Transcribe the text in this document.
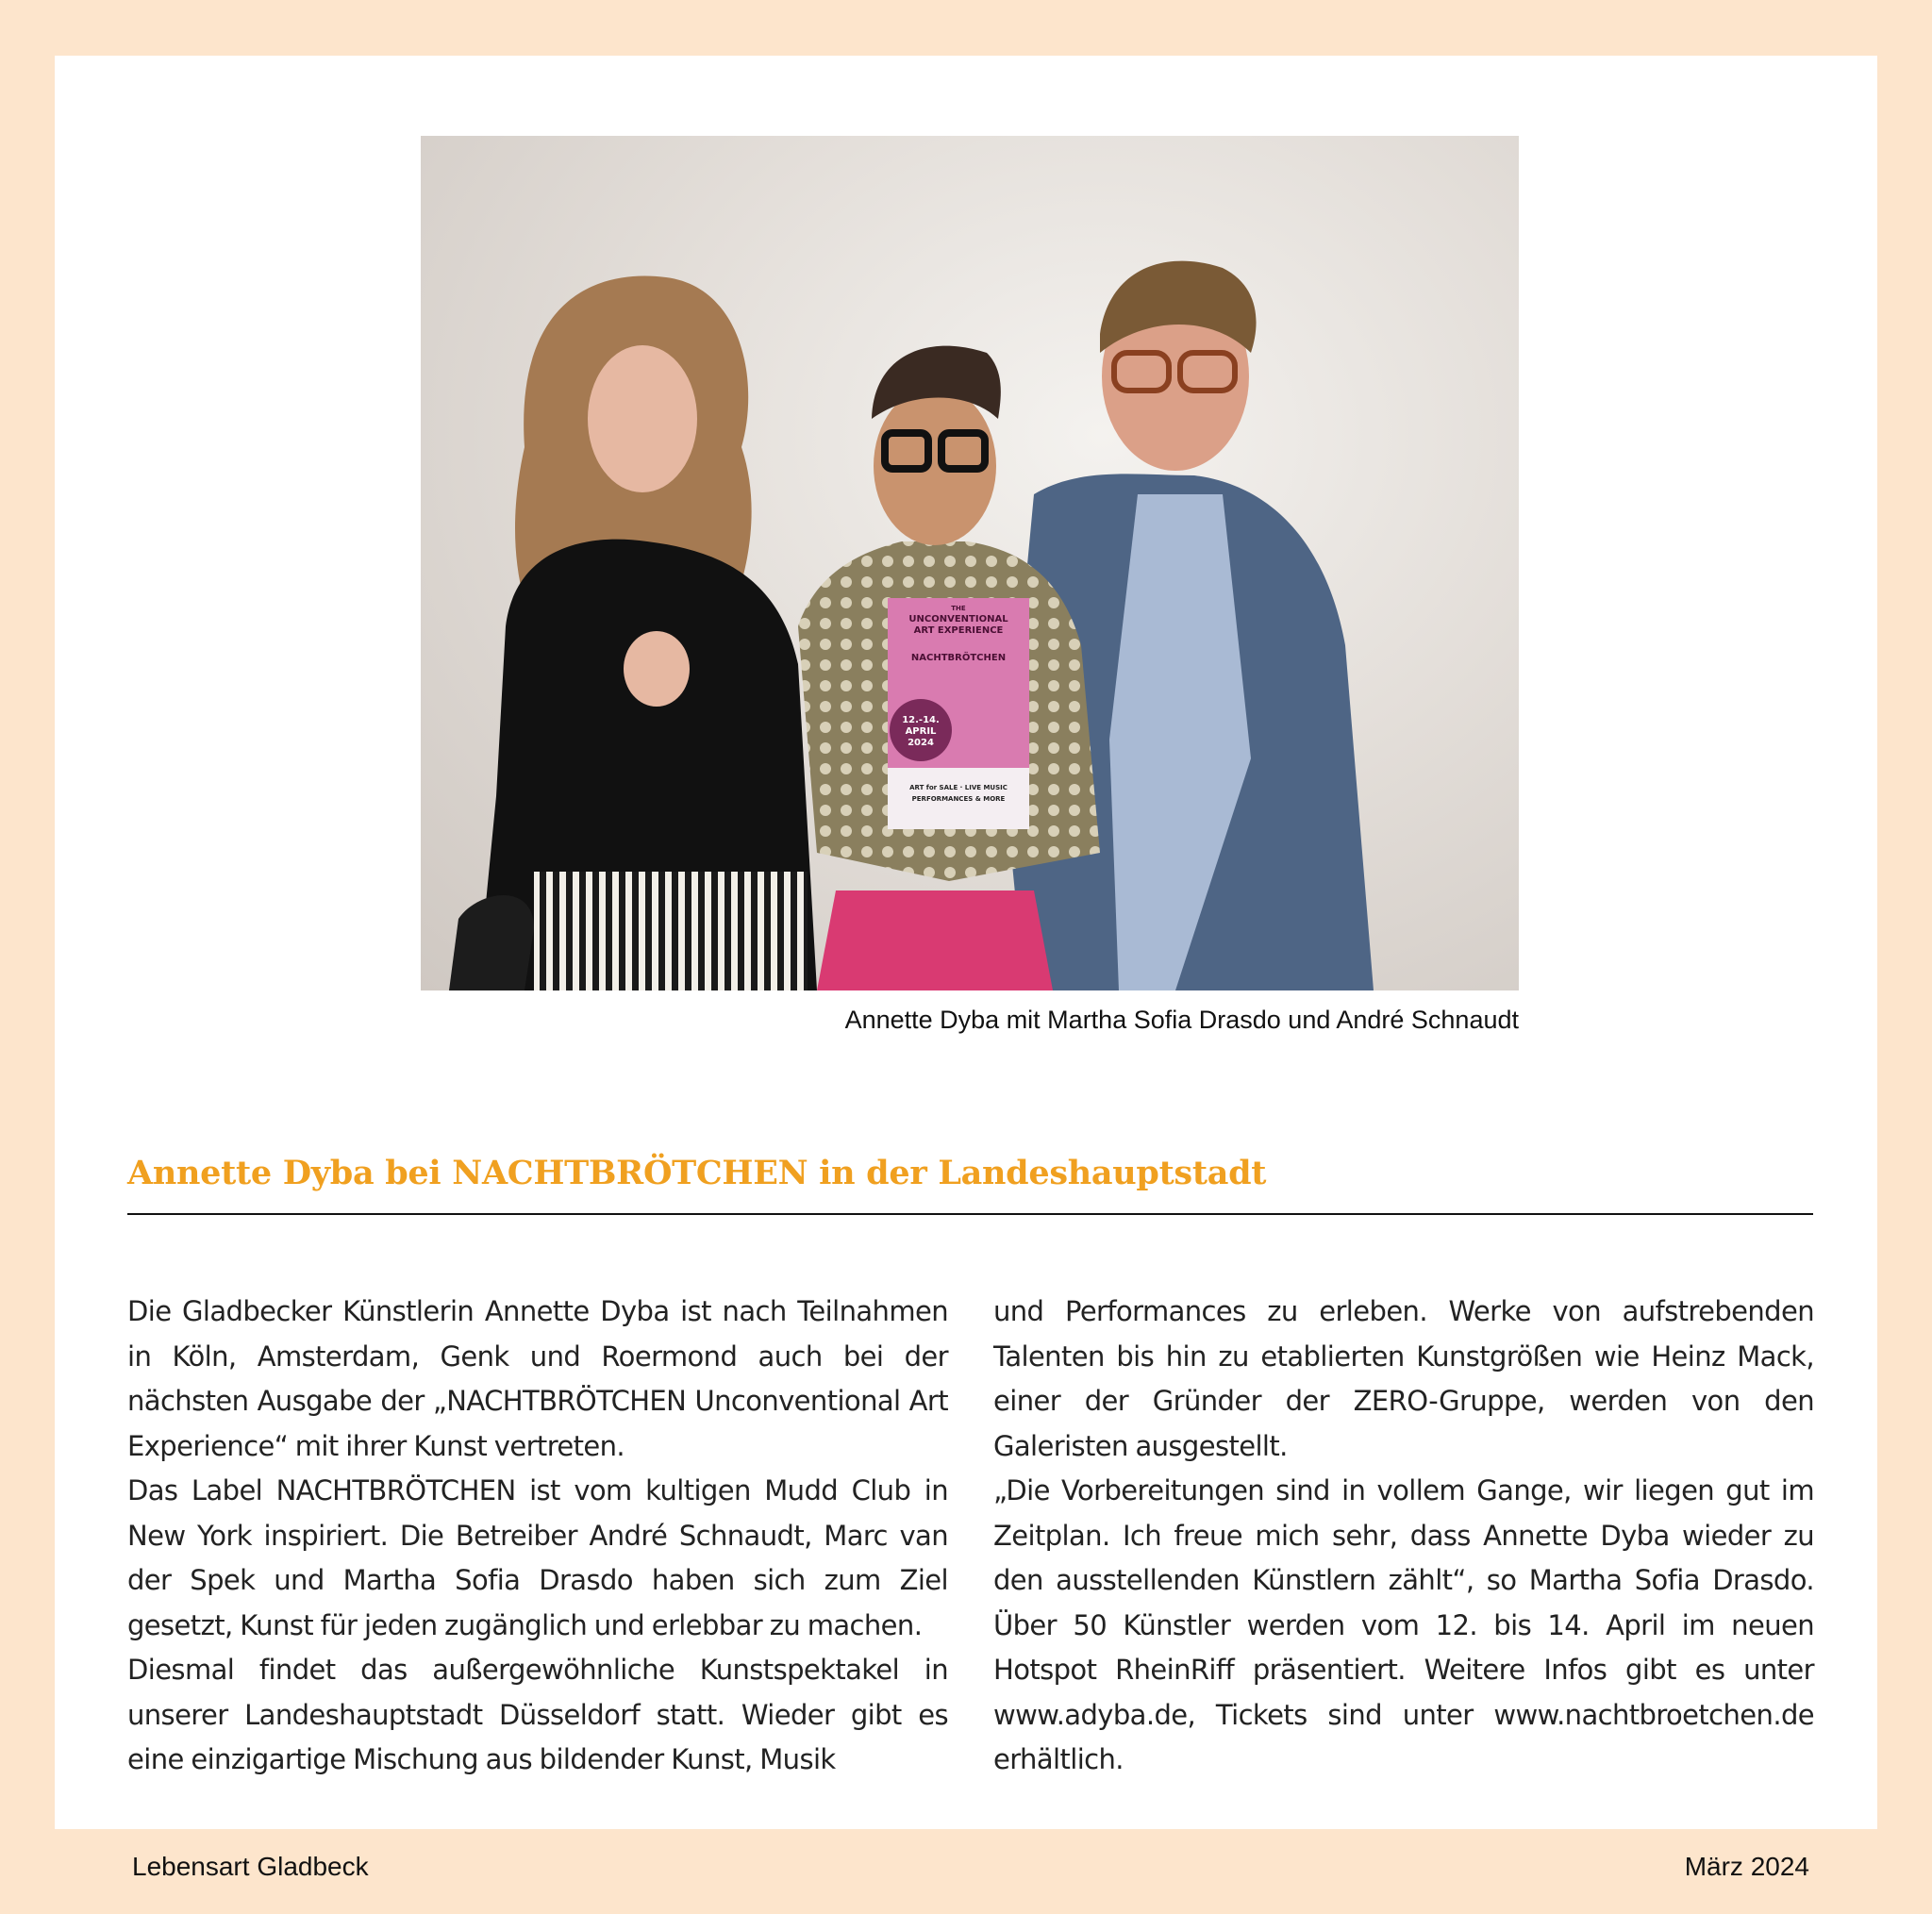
THE
UNCONVENTIONAL
ART EXPERIENCE
NACHTBRÖTCHEN
12.-14.
APRIL
2024
ART for SALE · LIVE MUSIC
PERFORMANCES & MORE
Annette Dyba mit Martha Sofia Drasdo und André Schnaudt
Annette Dyba bei NACHTBRÖTCHEN in der Landeshauptstadt

Die Gladbecker Künstlerin Annette Dyba ist nach Teilnahmen in Köln, Amsterdam, Genk und Roermond auch bei der nächsten Ausgabe der „NACHTBRÖTCHEN Unconventional Art Experience“ mit ihrer Kunst vertreten.

Das Label NACHTBRÖTCHEN ist vom kultigen Mudd Club in New York inspiriert. Die Betreiber André Schnaudt, Marc van der Spek und Martha Sofia Drasdo haben sich zum Ziel gesetzt, Kunst für jeden zugänglich und erlebbar zu machen.

Diesmal findet das außergewöhnliche Kunstspektakel in unserer Landeshauptstadt Düsseldorf statt. Wieder gibt es eine einzigartige Mischung aus bildender Kunst, Musik

und Performances zu erleben. Werke von aufstrebenden Talenten bis hin zu etablierten Kunstgrößen wie Heinz Mack, einer der Gründer der ZERO-Gruppe, werden von den Galeristen ausgestellt.

„Die Vorbereitungen sind in vollem Gange, wir liegen gut im Zeitplan. Ich freue mich sehr, dass Annette Dyba wieder zu den ausstellenden Künstlern zählt“, so Martha Sofia Drasdo. Über 50 Künstler werden vom 12. bis 14. April im neuen Hotspot RheinRiff präsentiert. Weitere Infos gibt es unter www.adyba.de, Tickets sind unter www.nachtbroetchen.de erhältlich.

Lebensart Gladbeck	März 2024
